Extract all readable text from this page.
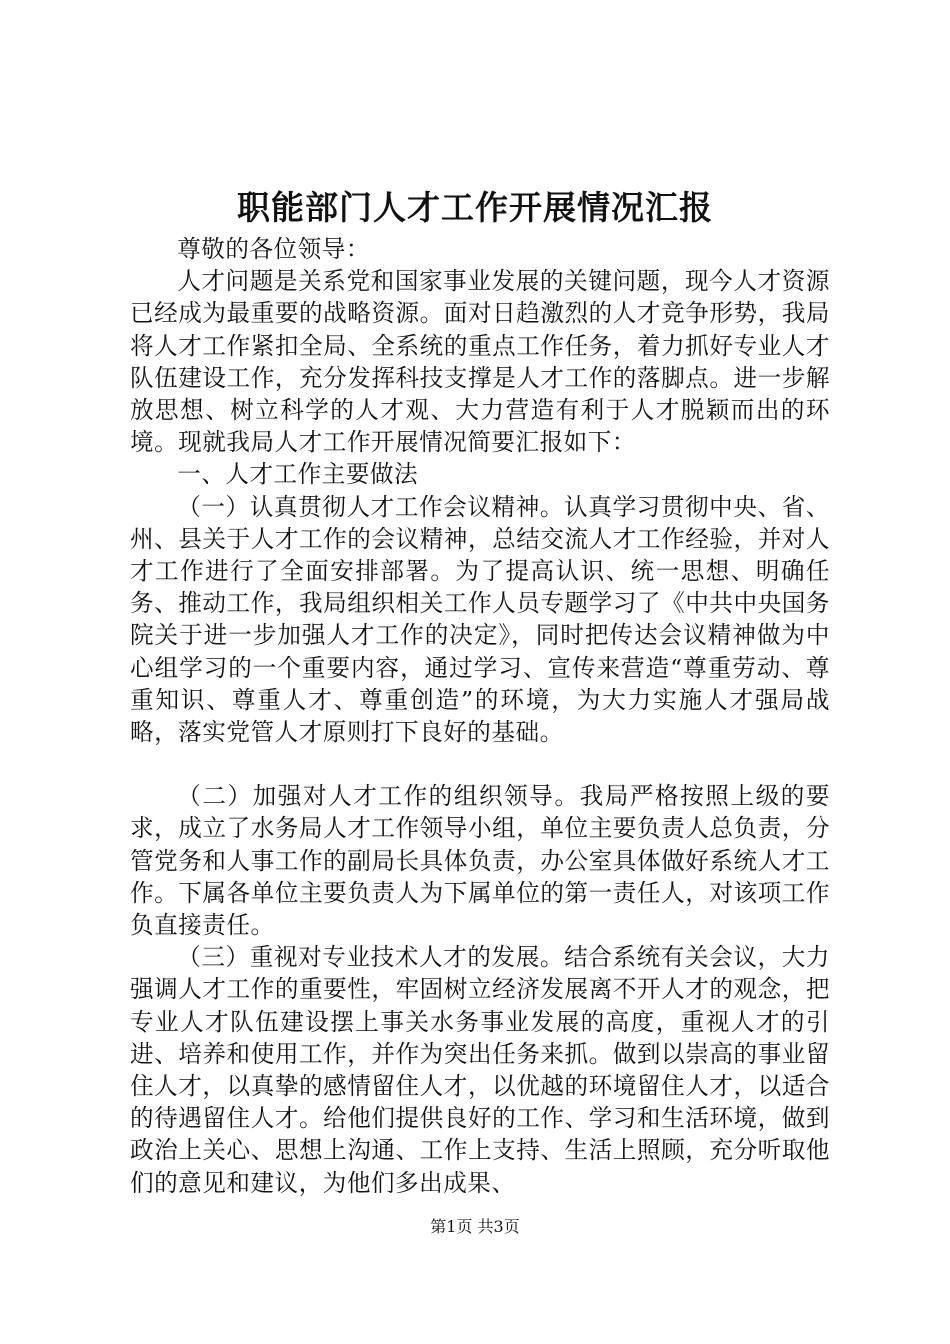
职能部门人才工作开展情况汇报

尊敬的各位领导：

人才问题是关系党和国家事业发展的关键问题，现今人才资源已经成为最重要的战略资源。面对日趋激烈的人才竞争形势，我局将人才工作紧扣全局、全系统的重点工作任务，着力抓好专业人才队伍建设工作，充分发挥科技支撑是人才工作的落脚点。进一步解放思想、树立科学的人才观、大力营造有利于人才脱颖而出的环境。现就我局人才工作开展情况简要汇报如下：

一、人才工作主要做法

（一）认真贯彻人才工作会议精神。认真学习贯彻中央、省、州、县关于人才工作的会议精神，总结交流人才工作经验，并对人才工作进行了全面安排部署。为了提高认识、统一思想、明确任务、推动工作，我局组织相关工作人员专题学习了《中共中央国务院关于进一步加强人才工作的决定》，同时把传达会议精神做为中心组学习的一个重要内容，通过学习、宣传来营造“尊重劳动、尊重知识、尊重人才、尊重创造”的环境，为大力实施人才强局战略，落实党管人才原则打下良好的基础。

（二）加强对人才工作的组织领导。我局严格按照上级的要求，成立了水务局人才工作领导小组，单位主要负责人总负责，分管党务和人事工作的副局长具体负责，办公室具体做好系统人才工作。下属各单位主要负责人为下属单位的第一责任人，对该项工作负直接责任。

（三）重视对专业技术人才的发展。结合系统有关会议，大力强调人才工作的重要性，牢固树立经济发展离不开人才的观念，把专业人才队伍建设摆上事关水务事业发展的高度，重视人才的引进、培养和使用工作，并作为突出任务来抓。做到以崇高的事业留住人才，以真挚的感情留住人才，以优越的环境留住人才，以适合的待遇留住人才。给他们提供良好的工作、学习和生活环境，做到政治上关心、思想上沟通、工作上支持、生活上照顾，充分听取他们的意见和建议，为他们多出成果、

第1页 共3页
